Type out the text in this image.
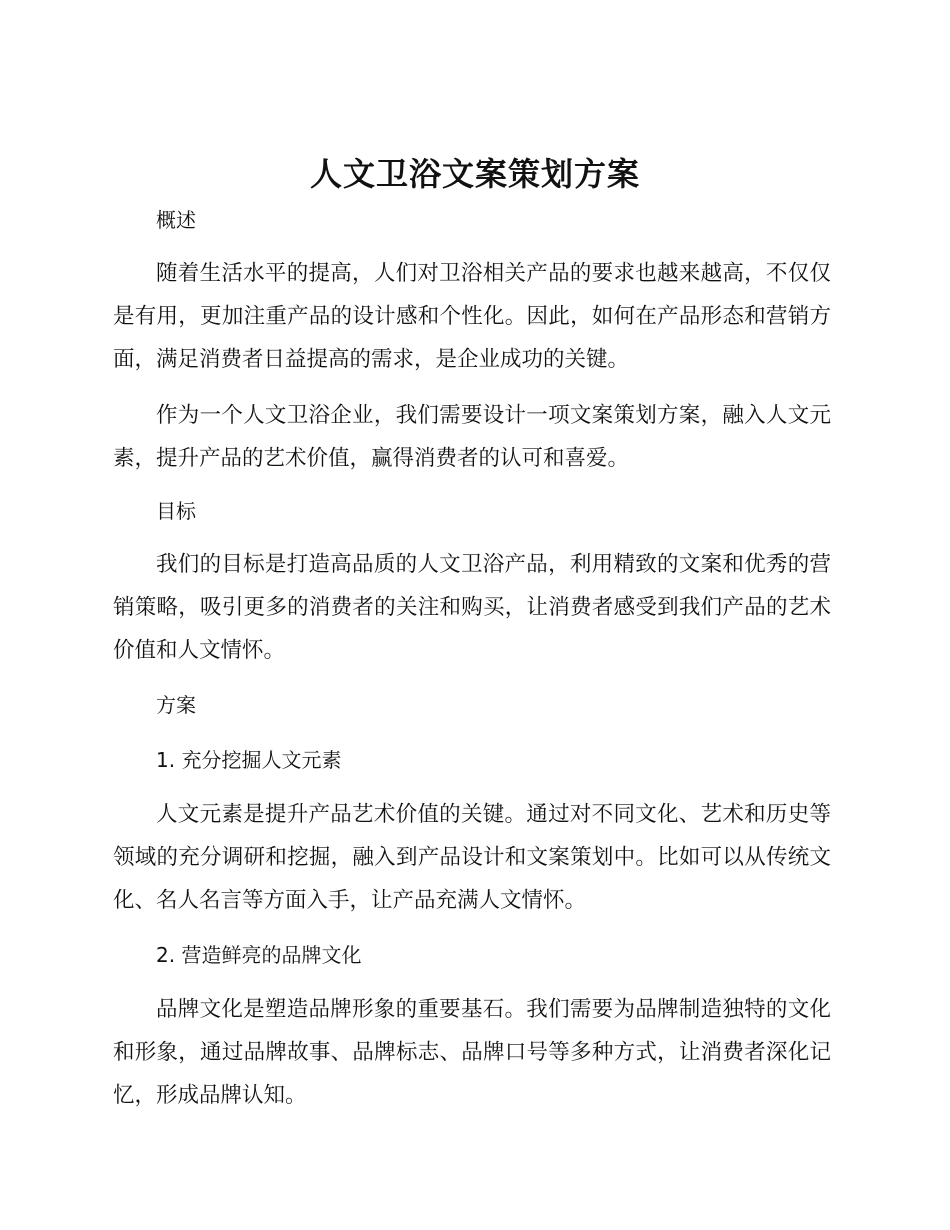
人文卫浴文案策划方案
概述
随着生活水平的提高，人们对卫浴相关产品的要求也越来越高，不仅仅是有用，更加注重产品的设计感和个性化。因此，如何在产品形态和营销方面，满足消费者日益提高的需求，是企业成功的关键。
作为一个人文卫浴企业，我们需要设计一项文案策划方案，融入人文元素，提升产品的艺术价值，赢得消费者的认可和喜爱。
目标
我们的目标是打造高品质的人文卫浴产品，利用精致的文案和优秀的营销策略，吸引更多的消费者的关注和购买，让消费者感受到我们产品的艺术价值和人文情怀。
方案
1. 充分挖掘人文元素
人文元素是提升产品艺术价值的关键。通过对不同文化、艺术和历史等领域的充分调研和挖掘，融入到产品设计和文案策划中。比如可以从传统文化、名人名言等方面入手，让产品充满人文情怀。
2. 营造鲜亮的品牌文化
品牌文化是塑造品牌形象的重要基石。我们需要为品牌制造独特的文化和形象，通过品牌故事、品牌标志、品牌口号等多种方式，让消费者深化记忆，形成品牌认知。
